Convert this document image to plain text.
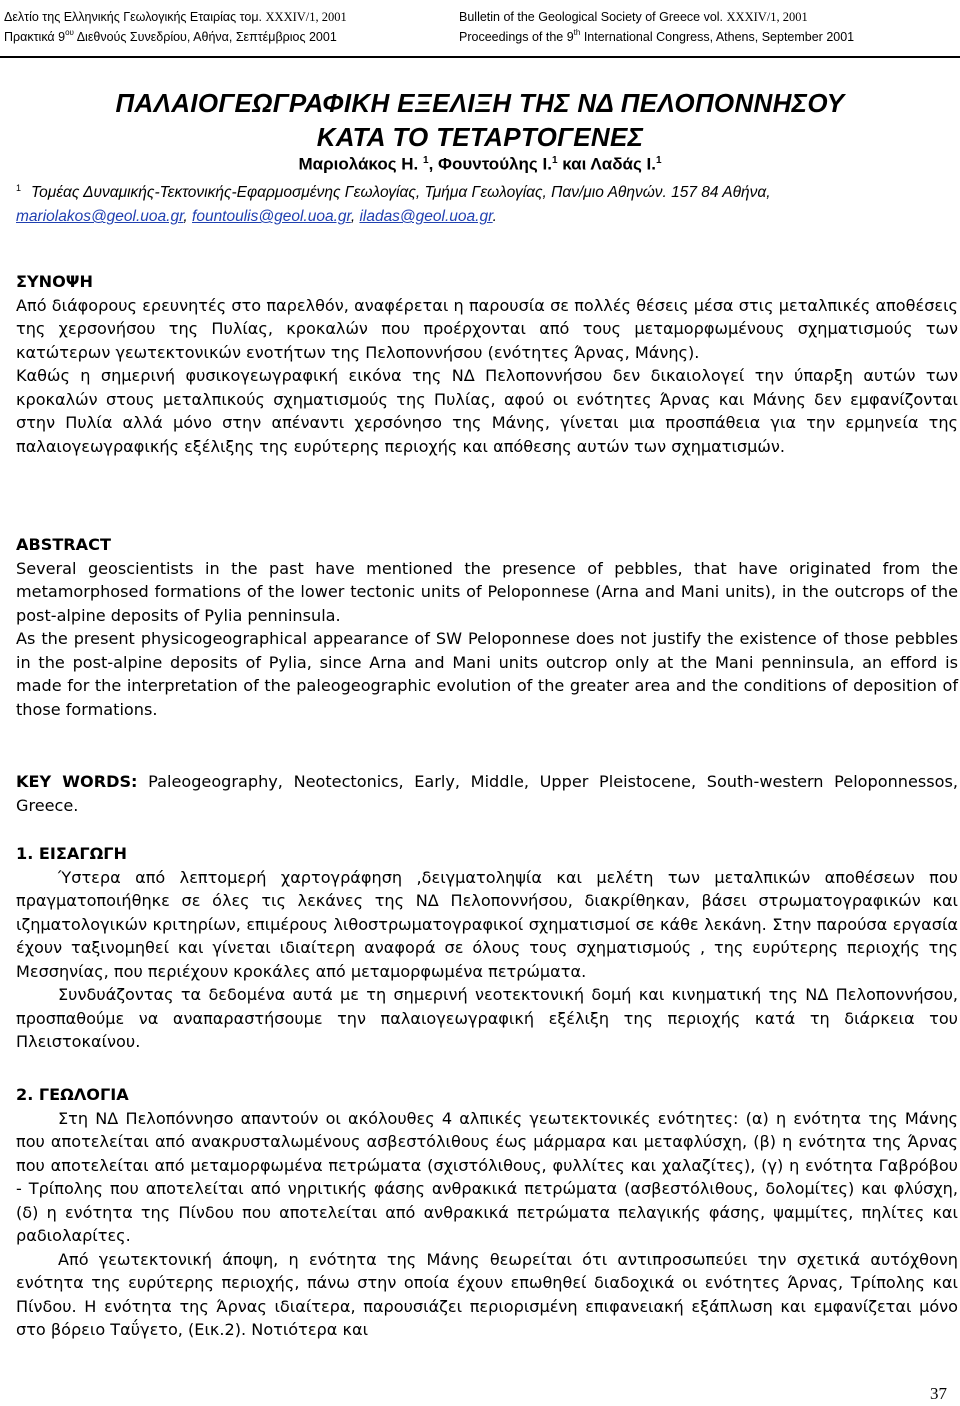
Δελτίο της Ελληνικής Γεωλογικής Εταιρίας τομ. XXXIV/1, 2001
Πρακτικά $9^{o\upsilon}$ Διεθνούς Συνεδρίου, Αθήνα, Σεπτέμβριος 2001
Bulletin of the Geological Society of Greece vol. XXXIV/1, 2001
Proceedings of the 9th International Congress, Athens, September 2001
ΠΑΛΑΙΟΓΕΩΓΡΑΦΙΚΗ ΕΞΕΛΙΞΗ ΤΗΣ ΝΔ ΠΕΛΟΠΟΝΝΗΣΟΥ
ΚΑΤΑ ΤΟ ΤΕΤΑΡΤΟΓΕΝΕΣ
Μαριολάκος Η. $^1$, Φουντούλης Ι.$^1$ και Λαδάς Ι.$^1$
$^1$ Τομέας Δυναμικής-Τεκτονικής-Εφαρμοσμένης Γεωλογίας, Τμήμα Γεωλογίας, Παν/μιο Αθηνών. 157 84 Αθήνα,
mariolakos@geol.uoa.gr, fountoulis@geol.uoa.gr, iladas@geol.uoa.gr.

ΣΥΝΟΨΗ

Από διάφορους ερευνητές στο παρελθόν, αναφέρεται η παρουσία σε πολλές θέσεις μέσα στις μεταλπικές αποθέσεις της χερσονήσου της Πυλίας, κροκαλών που προέρχονται από τους μεταμορφωμένους σχηματισμούς των κατώτερων γεωτεκτονικών ενοτήτων της Πελοποννήσου (ενότητες Άρνας, Μάνης).

Καθώς η σημερινή φυσικογεωγραφική εικόνα της ΝΔ Πελοποννήσου δεν δικαιολογεί την ύπαρξη αυτών των κροκαλών στους μεταλπικούς σχηματισμούς της Πυλίας, αφού οι ενότητες Άρνας και Μάνης δεν εμφανίζονται στην Πυλία αλλά μόνο στην απέναντι χερσόνησο της Μάνης, γίνεται μια προσπάθεια για την ερμηνεία της παλαιογεωγραφικής εξέλιξης της ευρύτερης περιοχής και απόθεσης αυτών των σχηματισμών.

ABSTRACT

Several geoscientists in the past have mentioned the presence of pebbles, that have originated from the metamorphosed formations of the lower tectonic units of Peloponnese (Arna and Mani units), in the outcrops of the post-alpine deposits of Pylia penninsula.

As the present physicogeographical appearance of SW Peloponnese does not justify the existence of those pebbles in the post-alpine deposits of Pylia, since Arna and Mani units outcrop only at the Mani penninsula, an efford is made for the interpretation of the paleogeographic evolution of the greater area and the conditions of deposition of those formations.

KEY WORDS: Paleogeography, Neotectonics, Early, Middle, Upper Pleistocene, South-western Peloponnessos, Greece.

1. ΕΙΣΑΓΩΓΗ

Ύστερα από λεπτομερή χαρτογράφηση ,δειγματοληψία και μελέτη των μεταλπικών αποθέσεων που πραγματοποιήθηκε σε όλες τις λεκάνες της ΝΔ Πελοποννήσου, διακρίθηκαν, βάσει στρωματογραφικών και ιζηματολογικών κριτηρίων, επιμέρους λιθοστρωματογραφικοί σχηματισμοί σε κάθε λεκάνη. Στην παρούσα εργασία έχουν ταξινομηθεί και γίνεται ιδιαίτερη αναφορά σε όλους τους σχηματισμούς , της ευρύτερης περιοχής της Μεσσηνίας, που περιέχουν κροκάλες από μεταμορφωμένα πετρώματα.

Συνδυάζοντας τα δεδομένα αυτά με τη σημερινή νεοτεκτονική δομή και κινηματική της ΝΔ Πελοποννήσου, προσπαθούμε να αναπαραστήσουμε την παλαιογεωγραφική εξέλιξη της περιοχής κατά τη διάρκεια του Πλειστοκαίνου.

2. ΓΕΩΛΟΓΙΑ

Στη ΝΔ Πελοπόννησο απαντούν οι ακόλουθες 4 αλπικές γεωτεκτονικές ενότητες: (α) η ενότητα της Μάνης που αποτελείται από ανακρυσταλωμένους ασβεστόλιθους έως μάρμαρα και μεταφλύσχη, (β) η ενότητα της Άρνας που αποτελείται από μεταμορφωμένα πετρώματα (σχιστόλιθους, φυλλίτες και χαλαζίτες), (γ) η ενότητα Γαβρόβου - Τρίπολης που αποτελείται από νηριτικής φάσης ανθρακικά πετρώματα (ασβεστόλιθους, δολομίτες) και φλύσχη, (δ) η ενότητα της Πίνδου που αποτελείται από ανθρακικά πετρώματα πελαγικής φάσης, ψαμμίτες, πηλίτες και ραδιολαρίτες.

Από γεωτεκτονική άποψη, η ενότητα της Μάνης θεωρείται ότι αντιπροσωπεύει την σχετικά αυτόχθονη ενότητα της ευρύτερης περιοχής, πάνω στην οποία έχουν επωθηθεί διαδοχικά οι ενότητες Άρνας, Τρίπολης και Πίνδου. Η ενότητα της Άρνας ιδιαίτερα, παρουσιάζει περιορισμένη επιφανειακή εξάπλωση και εμφανίζεται μόνο στο βόρειο Ταΰγετο, (Εικ.2). Νοτιότερα και

37
